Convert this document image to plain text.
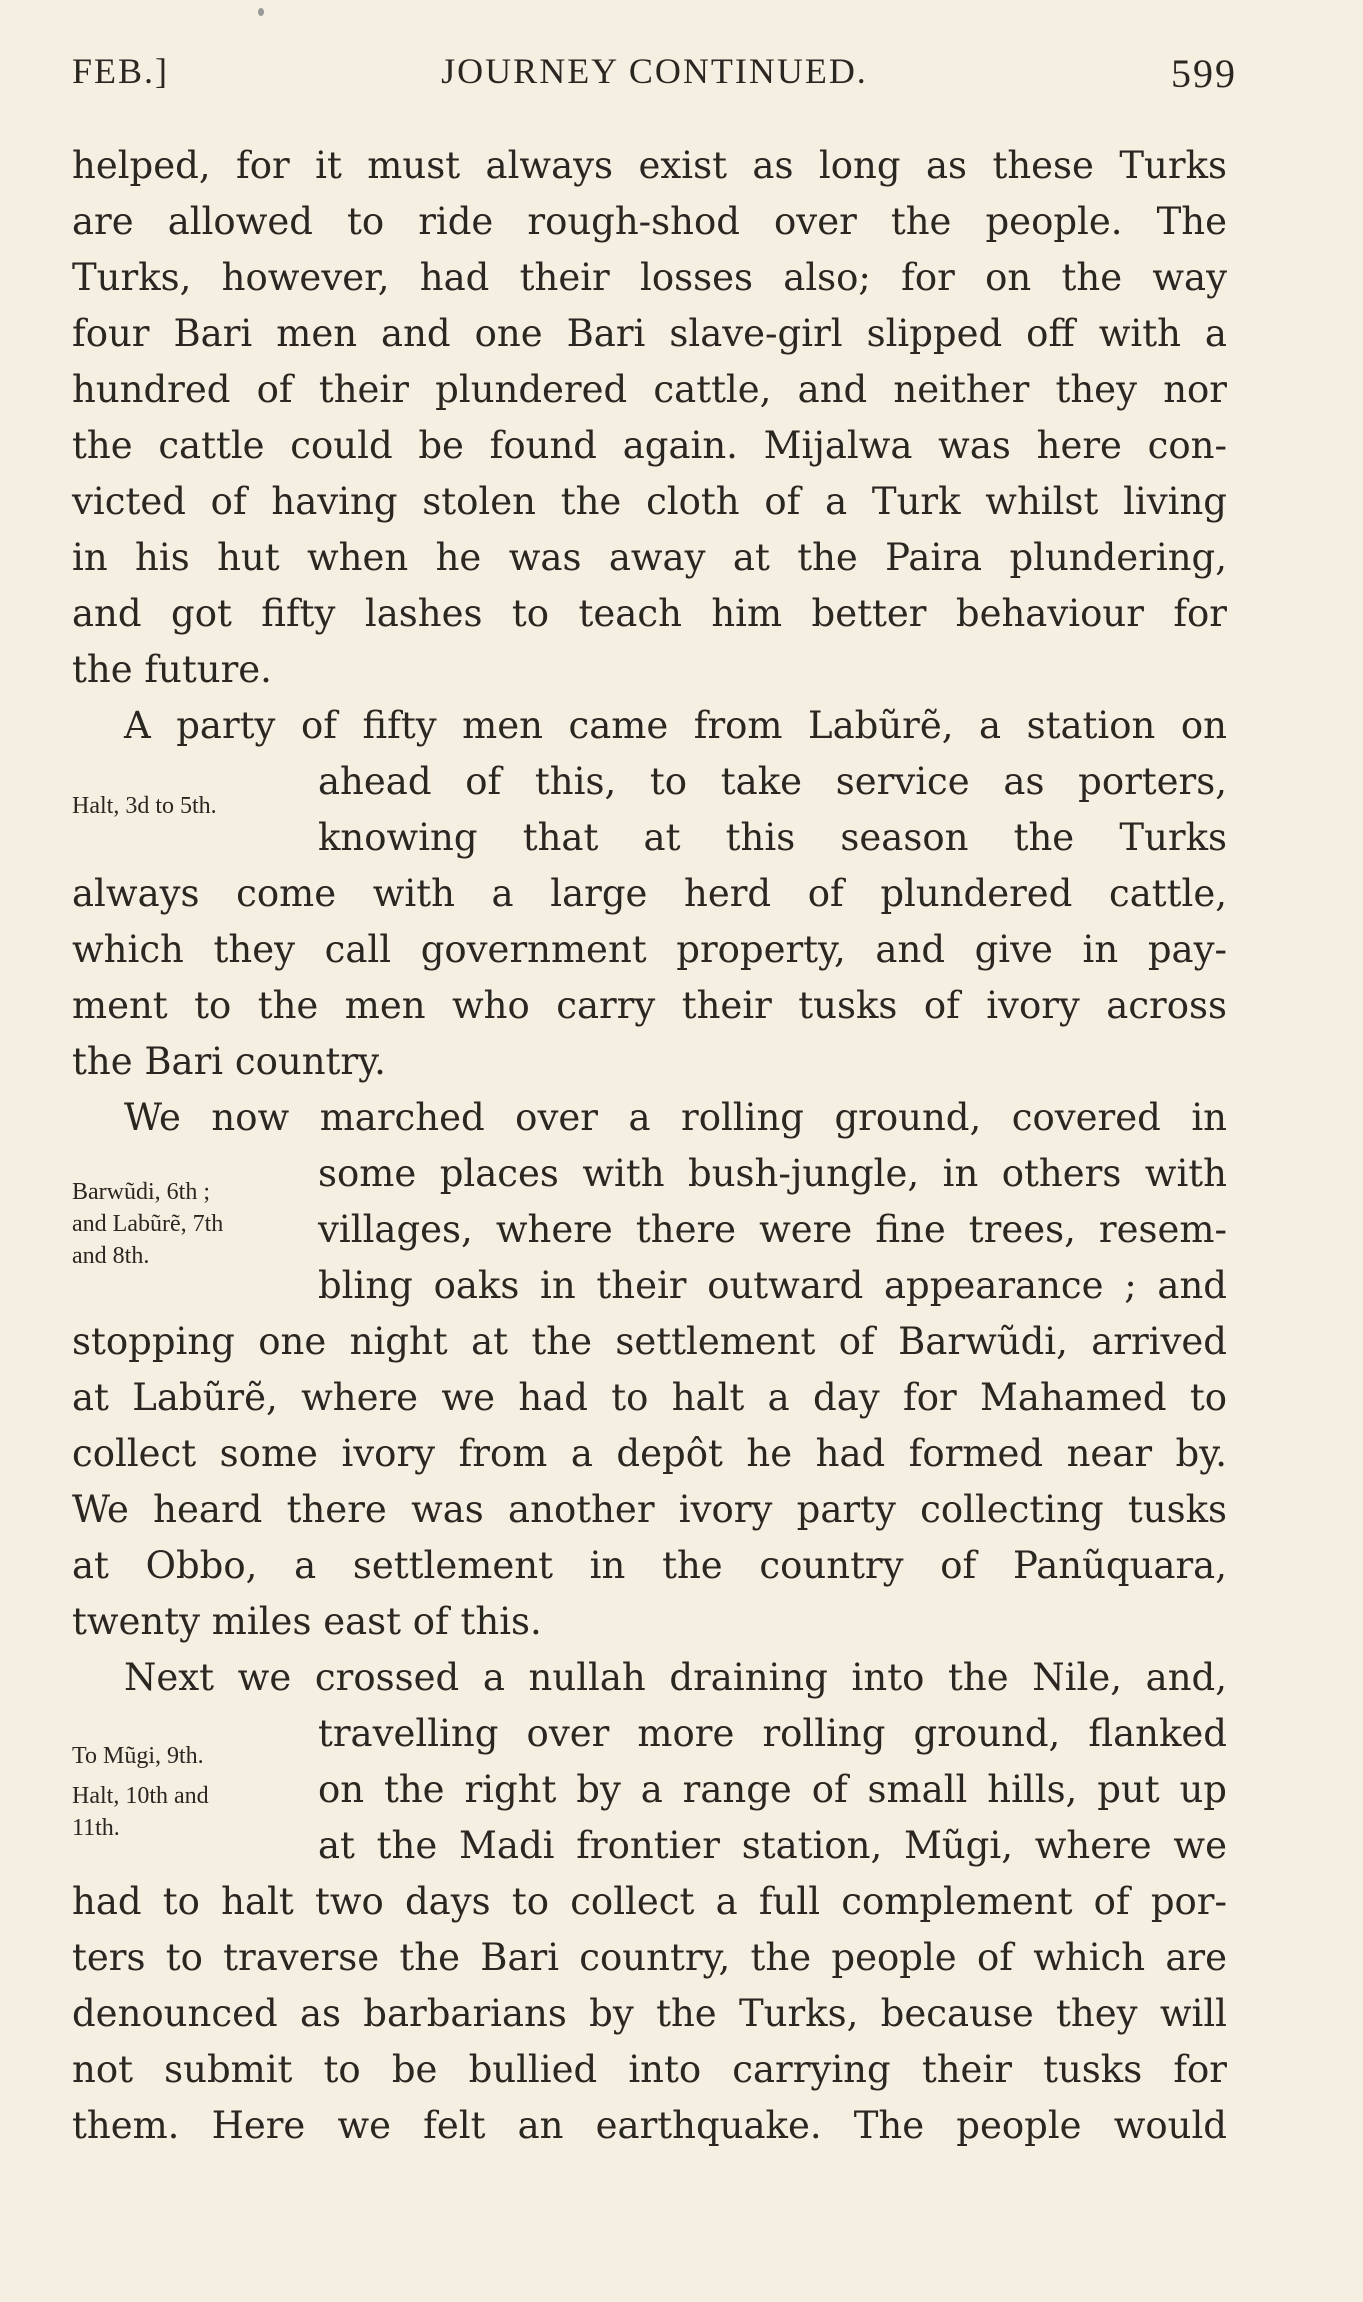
FEB.]	JOURNEY CONTINUED.	599
helped, for it must always exist as long as these Turks
are allowed to ride rough-shod over the people. The
Turks, however, had their losses also; for on the way
four Bari men and one Bari slave-girl slipped off with a
hundred of their plundered cattle, and neither they nor
the cattle could be found again. Mijalwa was here con-
victed of having stolen the cloth of a Turk whilst living
in his hut when he was away at the Paira plundering,
and got fifty lashes to teach him better behaviour for
the future.
A party of fifty men came from Labũrẽ, a station on
ahead of this, to take service as porters,
knowing that at this season the Turks
always come with a large herd of plundered cattle,
which they call government property, and give in pay-
ment to the men who carry their tusks of ivory across
the Bari country.
We now marched over a rolling ground, covered in
some places with bush-jungle, in others with
villages, where there were fine trees, resem-
bling oaks in their outward appearance ; and
stopping one night at the settlement of Barwũdi, arrived
at Labũrẽ, where we had to halt a day for Mahamed to
collect some ivory from a depôt he had formed near by.
We heard there was another ivory party collecting tusks
at Obbo, a settlement in the country of Panũquara,
twenty miles east of this.
Next we crossed a nullah draining into the Nile, and,
travelling over more rolling ground, flanked
on the right by a range of small hills, put up
at the Madi frontier station, Mũgi, where we
had to halt two days to collect a full complement of por-
ters to traverse the Bari country, the people of which are
denounced as barbarians by the Turks, because they will
not submit to be bullied into carrying their tusks for
them. Here we felt an earthquake. The people would
Halt, 3d to 5th.
Barwũdi, 6th ;
and Labũrẽ, 7th
and 8th.
To Mũgi, 9th.
Halt, 10th and
11th.
